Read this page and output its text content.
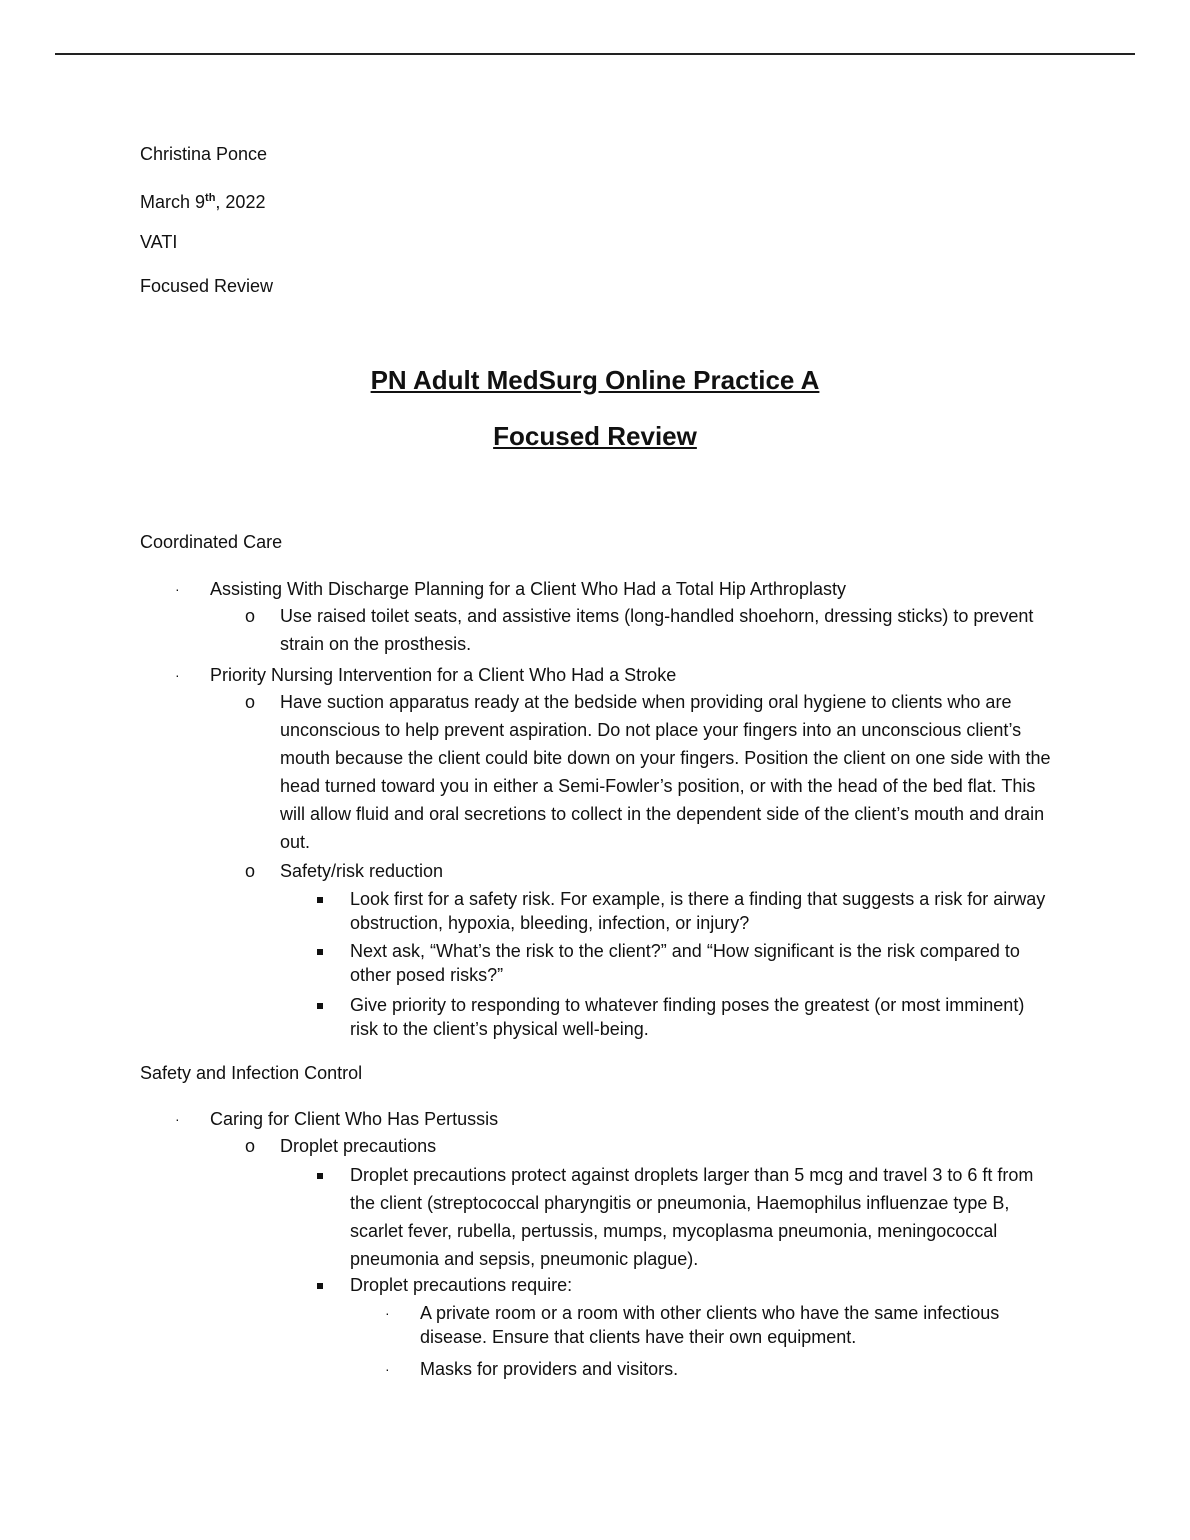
Christina Ponce
March 9th, 2022
VATI
Focused Review
PN Adult MedSurg Online Practice A
Focused Review
Coordinated Care
· Assisting With Discharge Planning for a Client Who Had a Total Hip Arthroplasty
o Use raised toilet seats, and assistive items (long-handled shoehorn, dressing sticks) to prevent strain on the prosthesis.
· Priority Nursing Intervention for a Client Who Had a Stroke
o Have suction apparatus ready at the bedside when providing oral hygiene to clients who are unconscious to help prevent aspiration. Do not place your fingers into an unconscious client’s mouth because the client could bite down on your fingers. Position the client on one side with the head turned toward you in either a Semi-Fowler’s position, or with the head of the bed flat. This will allow fluid and oral secretions to collect in the dependent side of the client’s mouth and drain out.
o Safety/risk reduction
Look first for a safety risk. For example, is there a finding that suggests a risk for airway obstruction, hypoxia, bleeding, infection, or injury?
Next ask, “What’s the risk to the client?” and “How significant is the risk compared to other posed risks?”
Give priority to responding to whatever finding poses the greatest (or most imminent) risk to the client’s physical well-being.
Safety and Infection Control
· Caring for Client Who Has Pertussis
o Droplet precautions
Droplet precautions protect against droplets larger than 5 mcg and travel 3 to 6 ft from the client (streptococcal pharyngitis or pneumonia, Haemophilus influenzae type B, scarlet fever, rubella, pertussis, mumps, mycoplasma pneumonia, meningococcal pneumonia and sepsis, pneumonic plague).
Droplet precautions require:
· A private room or a room with other clients who have the same infectious disease. Ensure that clients have their own equipment.
· Masks for providers and visitors.
